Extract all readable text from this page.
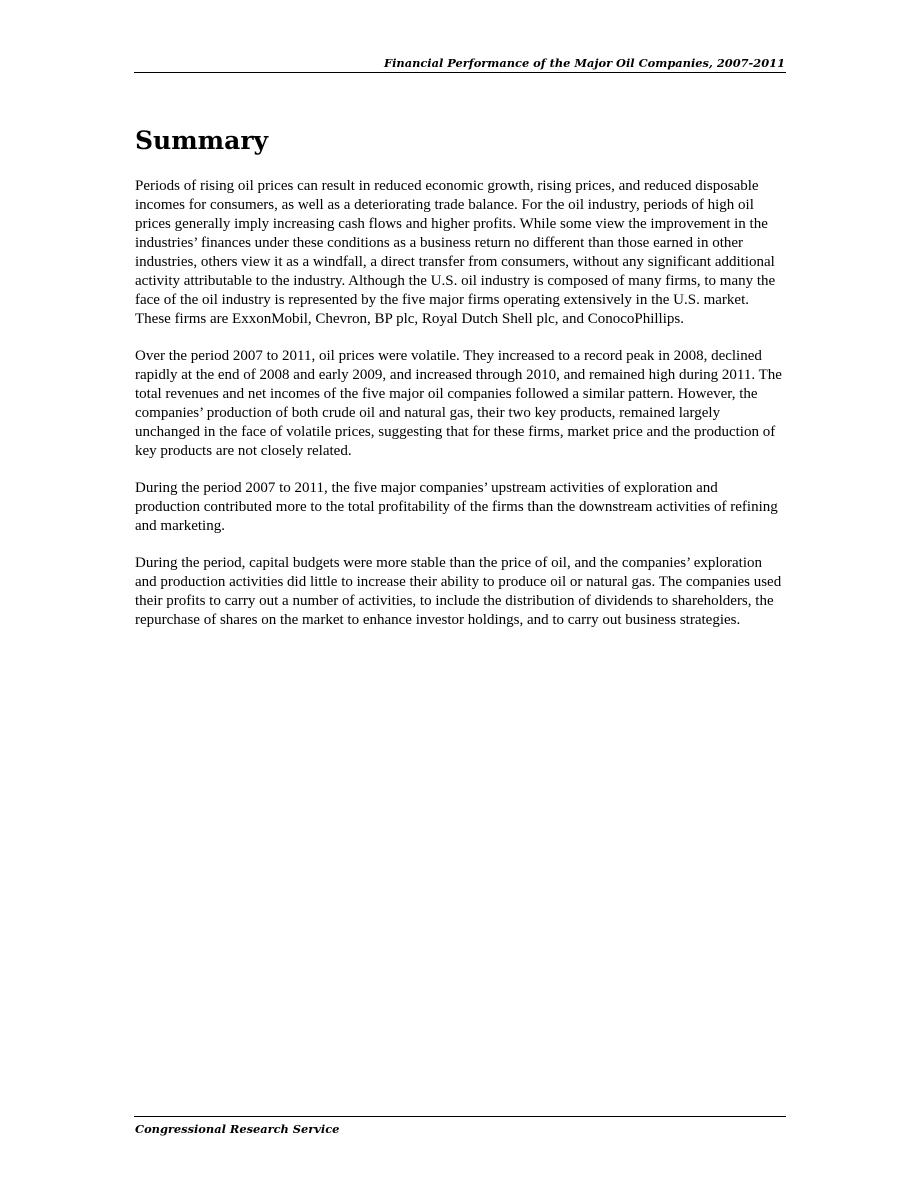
Financial Performance of the Major Oil Companies, 2007-2011
Summary

Periods of rising oil prices can result in reduced economic growth, rising prices, and reduced disposable incomes for consumers, as well as a deteriorating trade balance. For the oil industry, periods of high oil prices generally imply increasing cash flows and higher profits. While some view the improvement in the industries’ finances under these conditions as a business return no different than those earned in other industries, others view it as a windfall, a direct transfer from consumers, without any significant additional activity attributable to the industry. Although the U.S. oil industry is composed of many firms, to many the face of the oil industry is represented by the five major firms operating extensively in the U.S. market. These firms are ExxonMobil, Chevron, BP plc, Royal Dutch Shell plc, and ConocoPhillips.

Over the period 2007 to 2011, oil prices were volatile. They increased to a record peak in 2008, declined rapidly at the end of 2008 and early 2009, and increased through 2010, and remained high during 2011. The total revenues and net incomes of the five major oil companies followed a similar pattern. However, the companies’ production of both crude oil and natural gas, their two key products, remained largely unchanged in the face of volatile prices, suggesting that for these firms, market price and the production of key products are not closely related.

During the period 2007 to 2011, the five major companies’ upstream activities of exploration and production contributed more to the total profitability of the firms than the downstream activities of refining and marketing.

During the period, capital budgets were more stable than the price of oil, and the companies’ exploration and production activities did little to increase their ability to produce oil or natural gas. The companies used their profits to carry out a number of activities, to include the distribution of dividends to shareholders, the repurchase of shares on the market to enhance investor holdings, and to carry out business strategies.

Congressional Research Service
